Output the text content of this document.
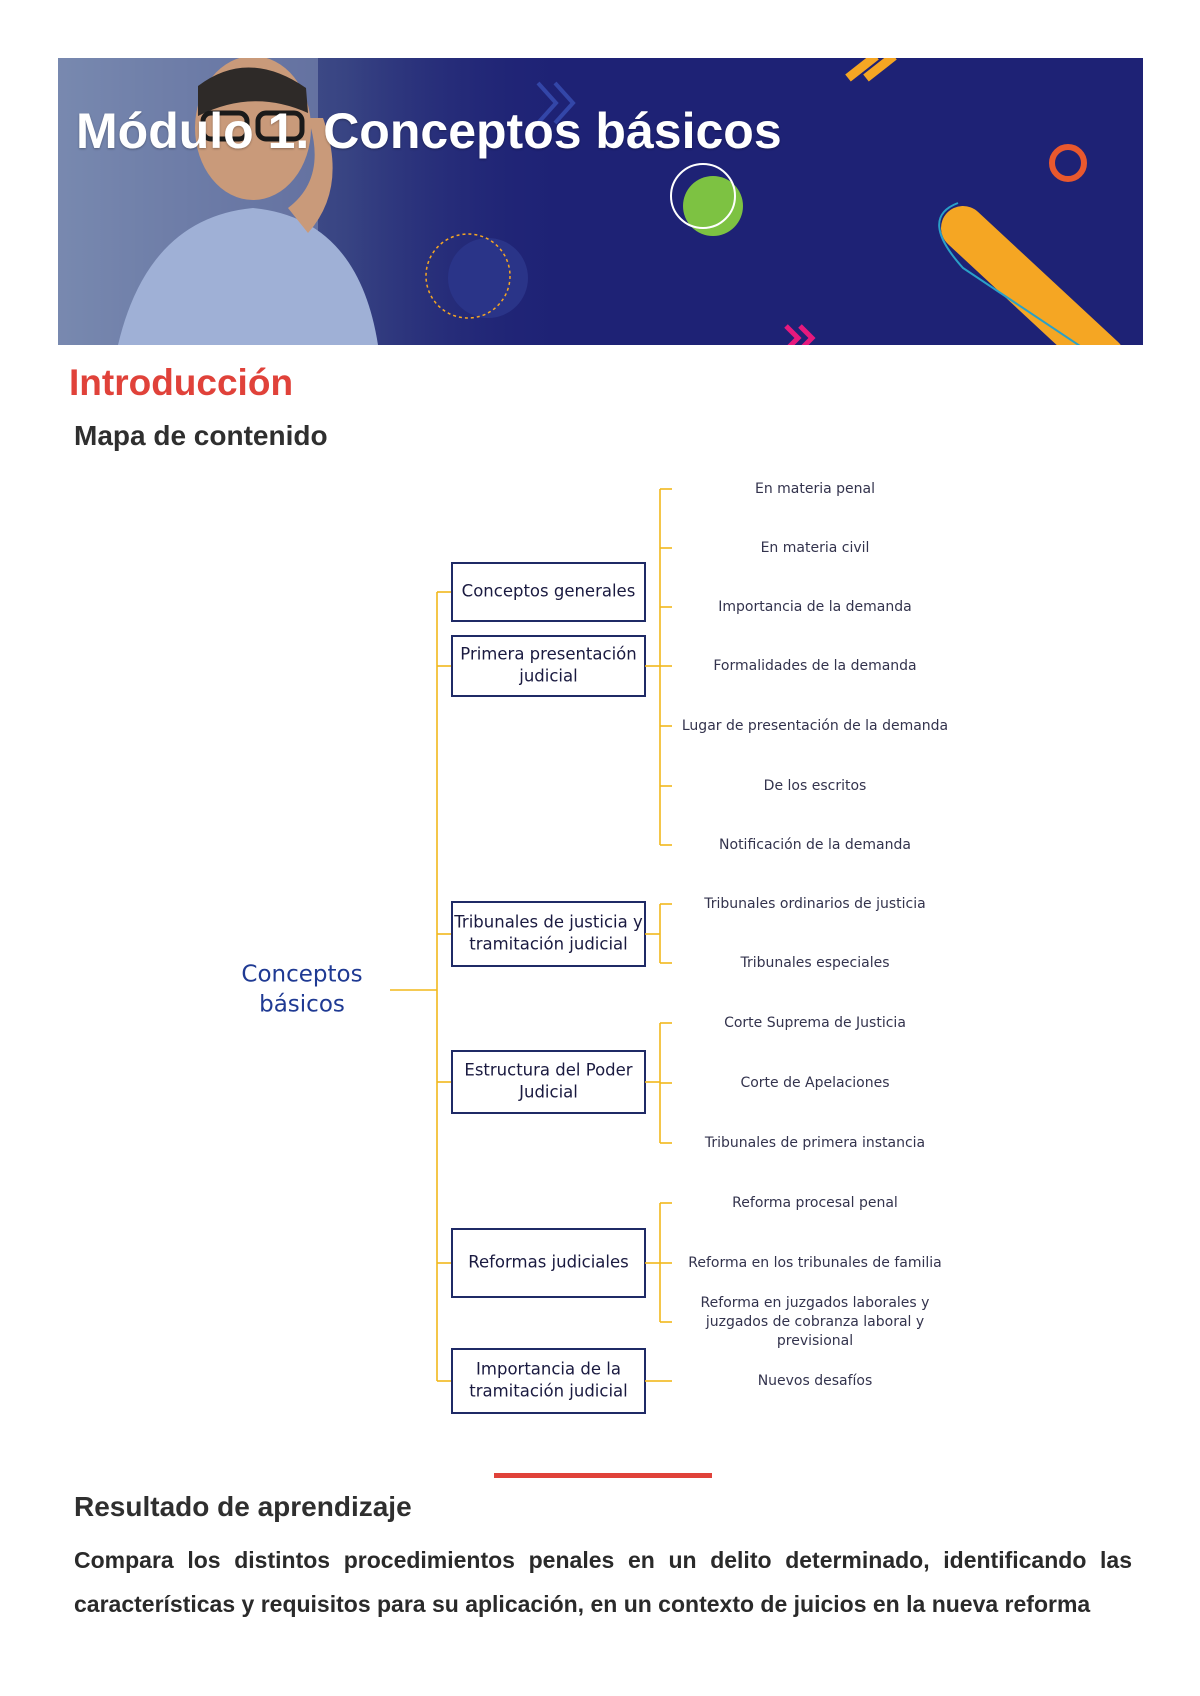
Módulo 1. Conceptos básicos
Introducción
Mapa de contenido
Conceptos básicos
Conceptos generales
Primera presentación judicial
En materia penal
En materia civil
Importancia de la demanda
Formalidades de la demanda
Lugar de presentación de la demanda
De los escritos
Notificación de la demanda
Tribunales de justicia y tramitación judicial
Tribunales ordinarios de justicia
Tribunales especiales
Estructura del Poder Judicial
Corte Suprema de Justicia
Corte de Apelaciones
Tribunales de primera instancia
Reformas judiciales
Reforma procesal penal
Reforma en los tribunales de familia
Reforma en juzgados laborales y juzgados de cobranza laboral y previsional
Importancia de la tramitación judicial
Nuevos desafíos
Resultado de aprendizaje

Compara los distintos procedimientos penales en un delito determinado, identificando las características y requisitos para su aplicación, en un contexto de juicios en la nueva reforma
